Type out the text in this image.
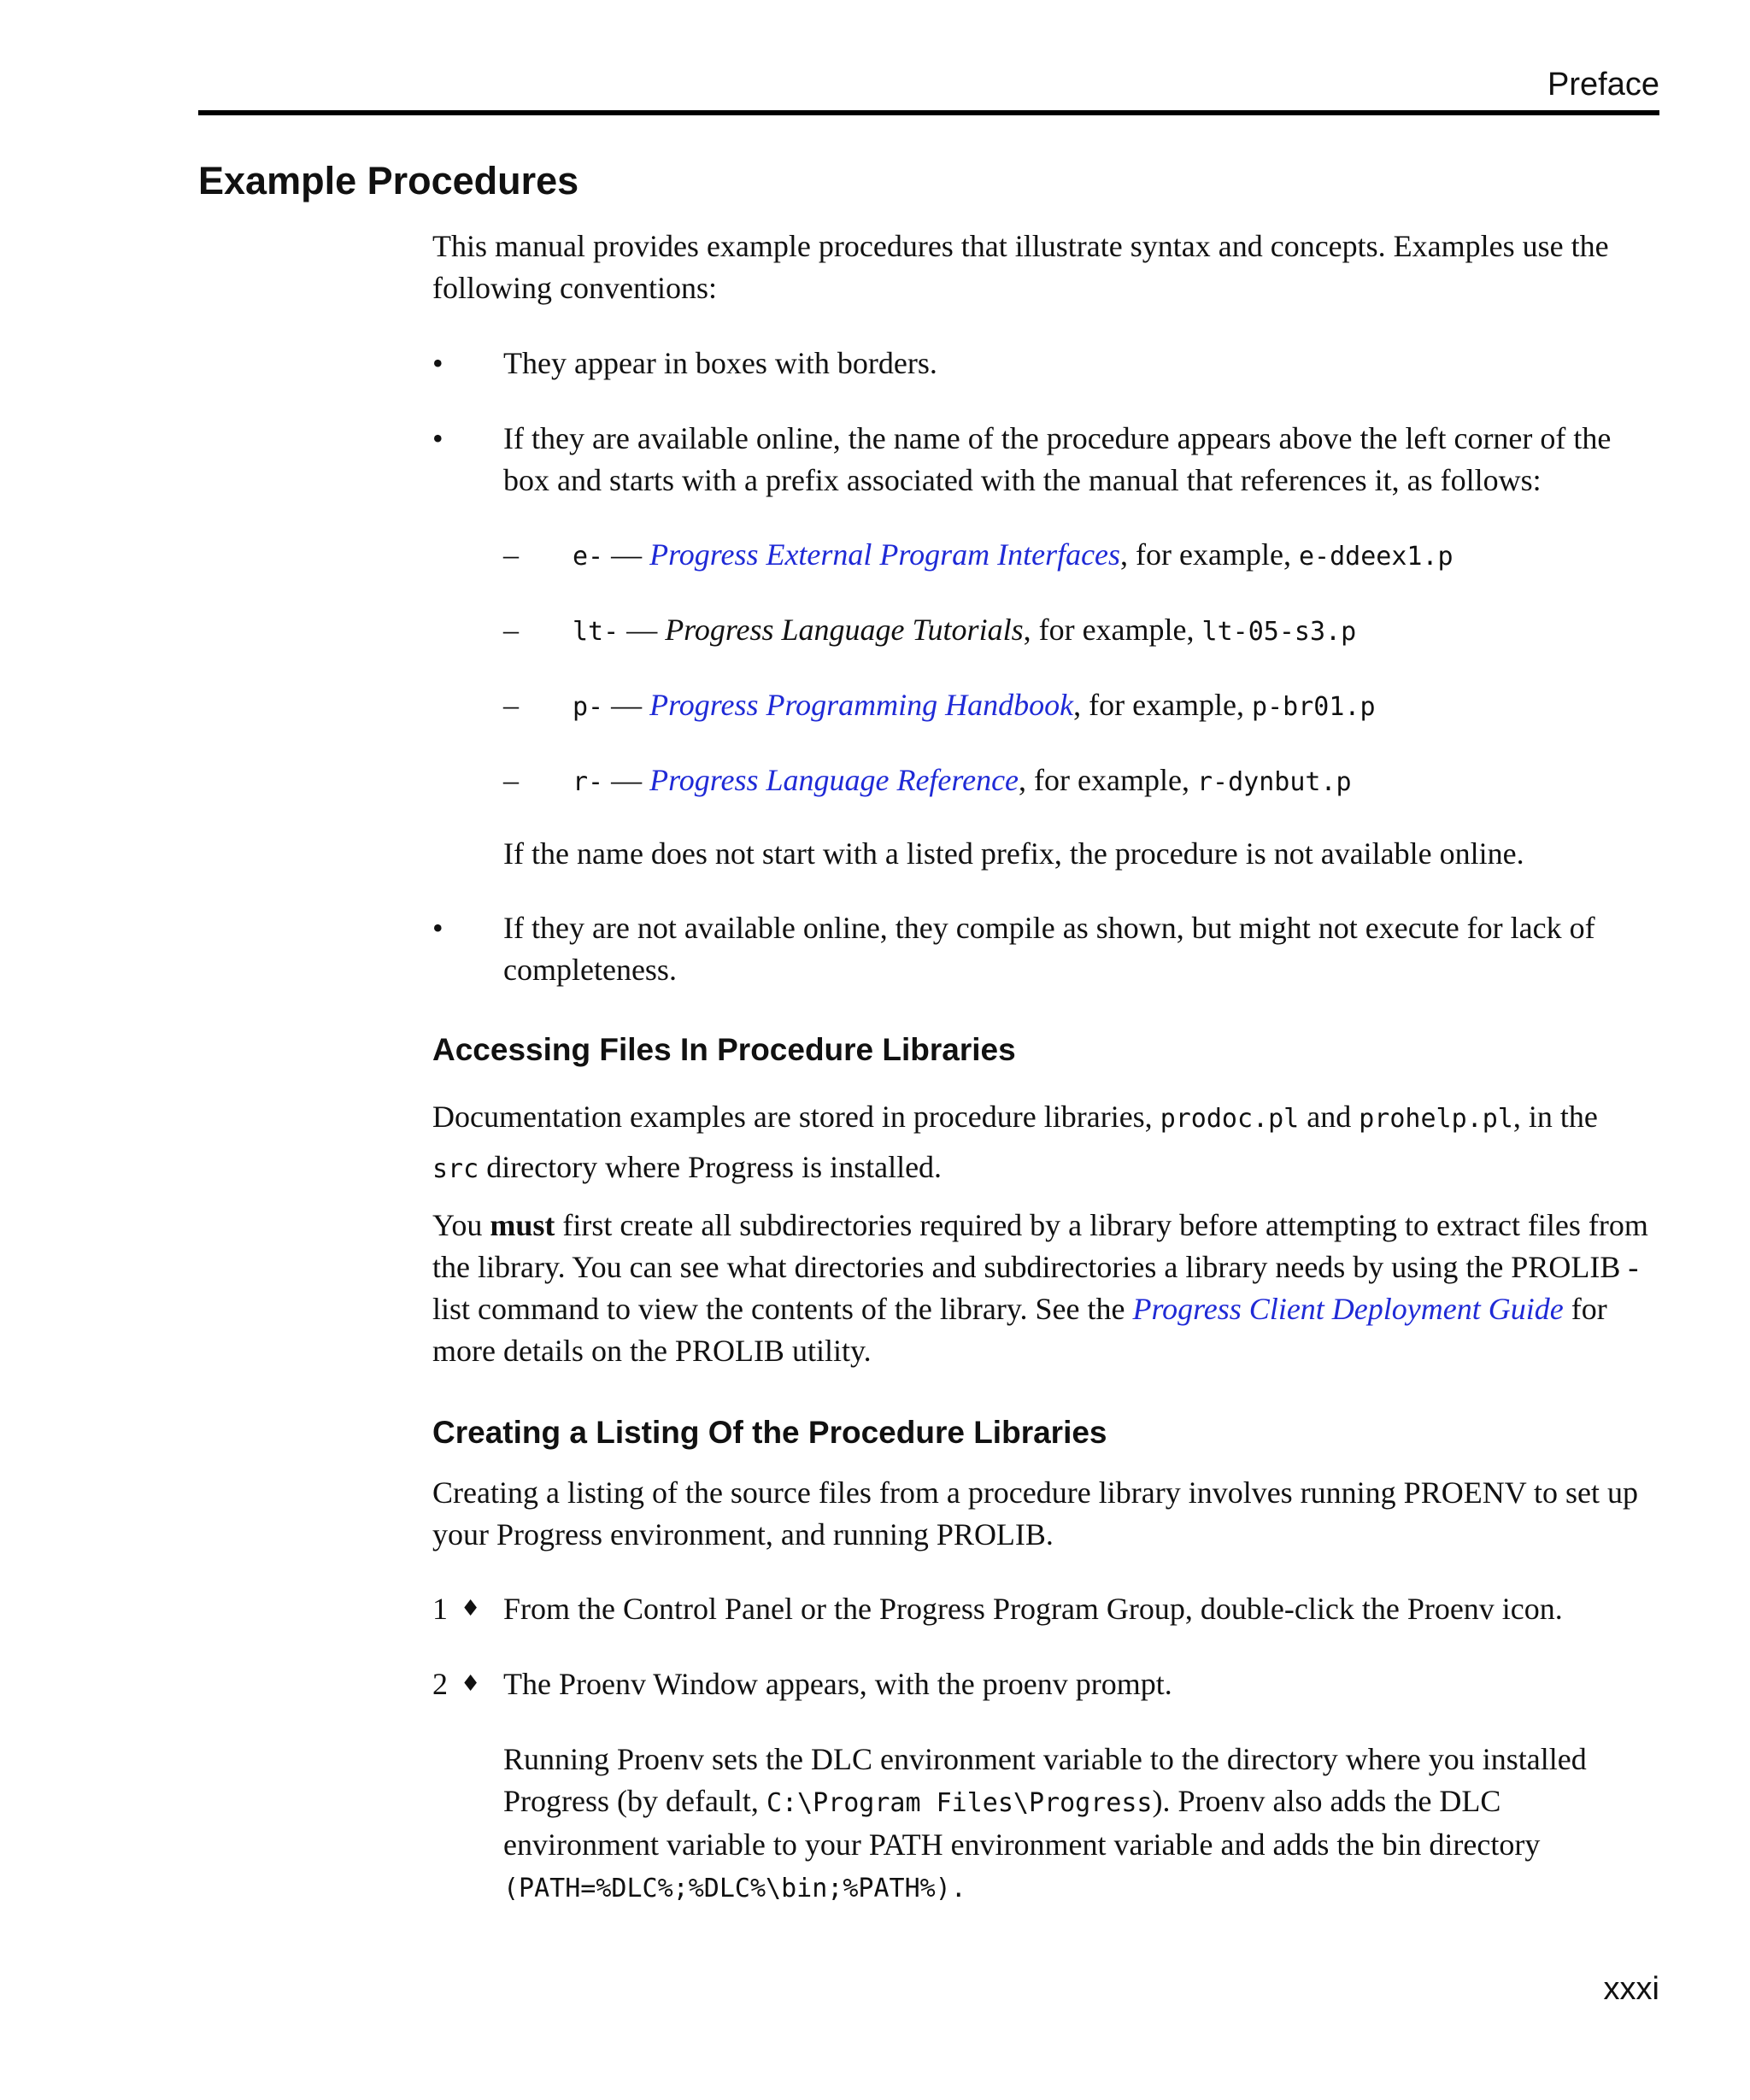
Preface
Example Procedures
This manual provides example procedures that illustrate syntax and concepts. Examples use the following conventions:
•	They appear in boxes with borders.
•	If they are available online, the name of the procedure appears above the left corner of the box and starts with a prefix associated with the manual that references it, as follows:
– e- — Progress External Program Interfaces, for example, e-ddeex1.p
– lt- — Progress Language Tutorials, for example, lt-05-s3.p
– p- — Progress Programming Handbook, for example, p-br01.p
– r- — Progress Language Reference, for example, r-dynbut.p
If the name does not start with a listed prefix, the procedure is not available online.
•	If they are not available online, they compile as shown, but might not execute for lack of completeness.
Accessing Files In Procedure Libraries
Documentation examples are stored in procedure libraries, prodoc.pl and prohelp.pl, in the
src directory where Progress is installed.
You must first create all subdirectories required by a library before attempting to extract files from the library. You can see what directories and subdirectories a library needs by using the PROLIB -list command to view the contents of the library. See the Progress Client Deployment Guide for more details on the PROLIB utility.
Creating a Listing Of the Procedure Libraries
Creating a listing of the source files from a procedure library involves running PROENV to set up your Progress environment, and running PROLIB.
1 ♦ From the Control Panel or the Progress Program Group, double-click the Proenv icon.
2 ♦ The Proenv Window appears, with the proenv prompt.
Running Proenv sets the DLC environment variable to the directory where you installed Progress (by default, C:\Program Files\Progress). Proenv also adds the DLC environment variable to your PATH environment variable and adds the bin directory
(PATH=%DLC%;%DLC%\bin;%PATH%).
xxxi
